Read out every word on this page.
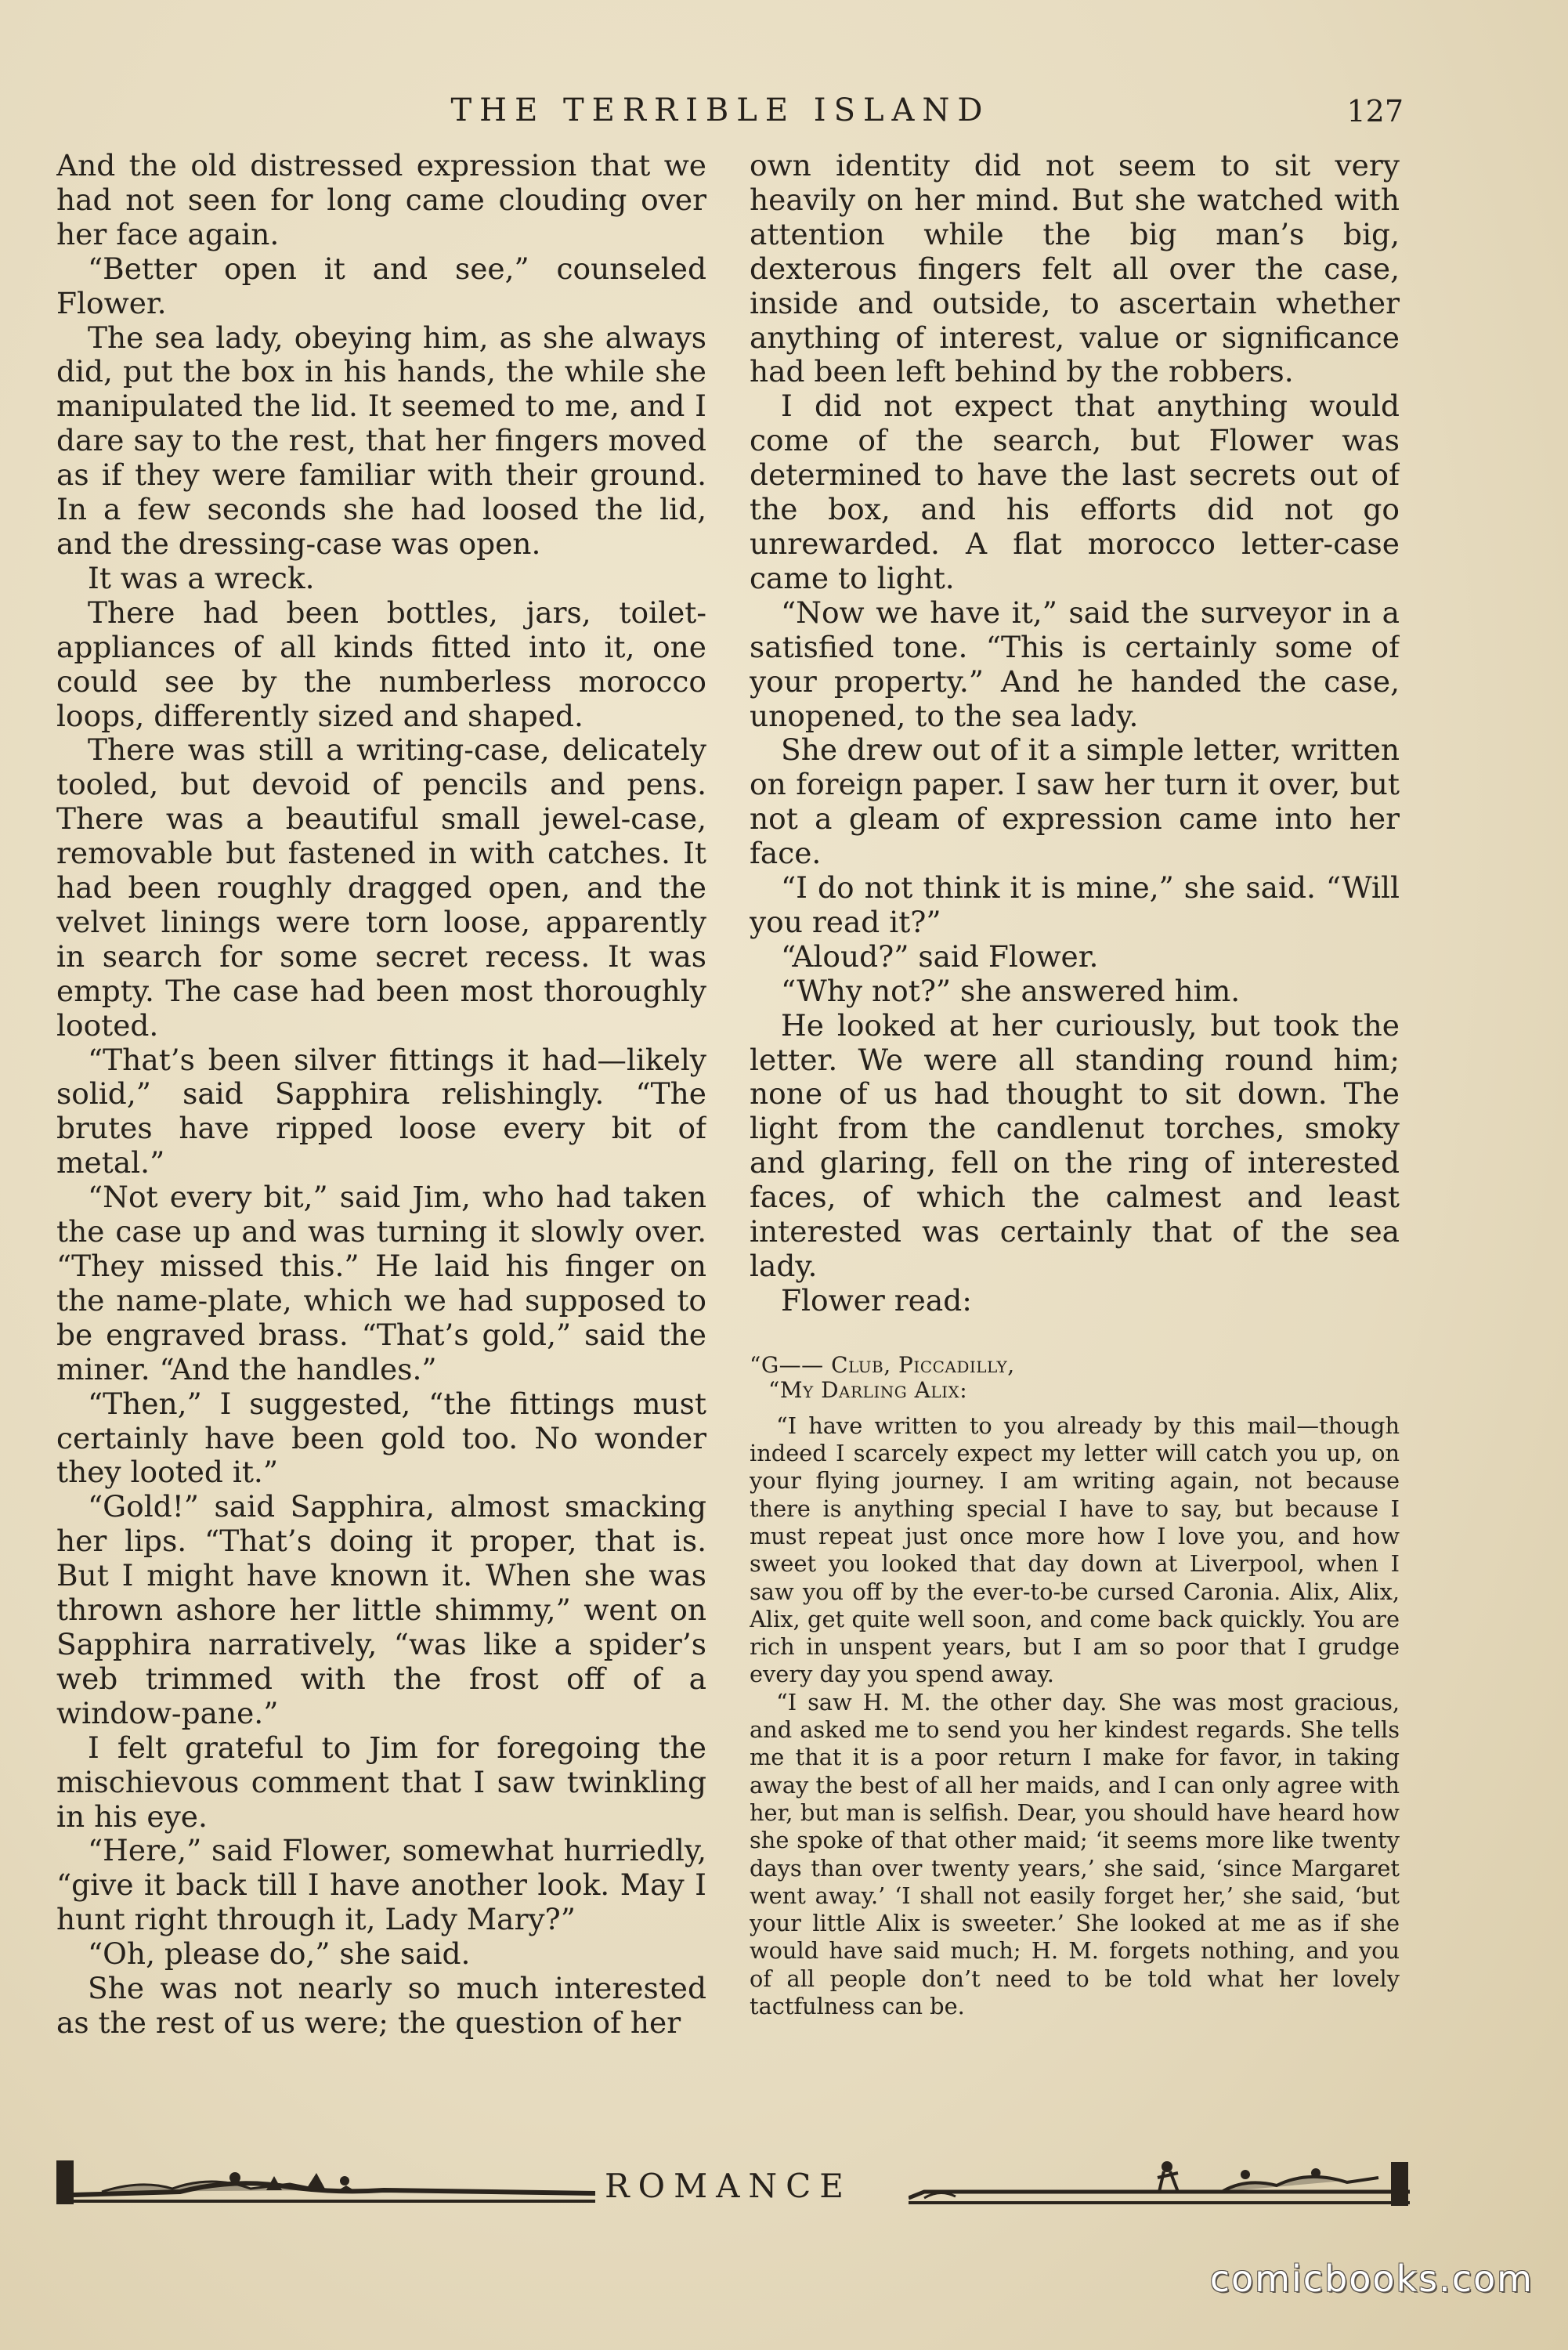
THE TERRIBLE ISLAND	127

And the old distressed expression that we had not seen for long came clouding over her face again.

“Better open it and see,” counseled Flower.

The sea lady, obeying him, as she always did, put the box in his hands, the while she manipulated the lid. It seemed to me, and I dare say to the rest, that her fingers moved as if they were familiar with their ground. In a few seconds she had loosed the lid, and the dressing-case was open.

It was a wreck.

There had been bottles, jars, toilet-appliances of all kinds fitted into it, one could see by the numberless morocco loops, differently sized and shaped.

There was still a writing-case, delicately tooled, but devoid of pencils and pens. There was a beautiful small jewel-case, removable but fastened in with catches. It had been roughly dragged open, and the velvet linings were torn loose, apparently in search for some secret recess. It was empty. The case had been most thoroughly looted.

“That’s been silver fittings it had—likely solid,” said Sapphira relishingly. “The brutes have ripped loose every bit of metal.”

“Not every bit,” said Jim, who had taken the case up and was turning it slowly over. “They missed this.” He laid his finger on the name-plate, which we had supposed to be engraved brass. “That’s gold,” said the miner. “And the handles.”

“Then,” I suggested, “the fittings must certainly have been gold too. No wonder they looted it.”

“Gold!” said Sapphira, almost smacking her lips. “That’s doing it proper, that is. But I might have known it. When she was thrown ashore her little shimmy,” went on Sapphira narratively, “was like a spider’s web trimmed with the frost off of a window-pane.”

I felt grateful to Jim for foregoing the mischievous comment that I saw twinkling in his eye.

“Here,” said Flower, somewhat hurriedly, “give it back till I have another look. May I hunt right through it, Lady Mary?”

“Oh, please do,” she said.

She was not nearly so much interested as the rest of us were; the question of her

own identity did not seem to sit very heavily on her mind. But she watched with attention while the big man’s big, dexterous fingers felt all over the case, inside and outside, to ascertain whether anything of interest, value or significance had been left behind by the robbers.

I did not expect that anything would come of the search, but Flower was determined to have the last secrets out of the box, and his efforts did not go unrewarded. A flat morocco letter-case came to light.

“Now we have it,” said the surveyor in a satisfied tone. “This is certainly some of your property.” And he handed the case, unopened, to the sea lady.

She drew out of it a simple letter, written on foreign paper. I saw her turn it over, but not a gleam of expression came into her face.

“I do not think it is mine,” she said. “Will you read it?”

“Aloud?” said Flower.

“Why not?” she answered him.

He looked at her curiously, but took the letter. We were all standing round him; none of us had thought to sit down. The light from the candlenut torches, smoky and glaring, fell on the ring of interested faces, of which the calmest and least interested was certainly that of the sea lady.

Flower read:

“G—— Club, Piccadilly,

“My Darling Alix:

“I have written to you already by this mail—though indeed I scarcely expect my letter will catch you up, on your flying journey. I am writing again, not because there is anything special I have to say, but because I must repeat just once more how I love you, and how sweet you looked that day down at Liverpool, when I saw you off by the ever-to-be cursed Caronia. Alix, Alix, Alix, get quite well soon, and come back quickly. You are rich in unspent years, but I am so poor that I grudge every day you spend away.

“I saw H. M. the other day. She was most gracious, and asked me to send you her kindest regards. She tells me that it is a poor return I make for favor, in taking away the best of all her maids, and I can only agree with her, but man is selfish. Dear, you should have heard how she spoke of that other maid; ‘it seems more like twenty days than over twenty years,’ she said, ‘since Margaret went away.’ ‘I shall not easily forget her,’ she said, ‘but your little Alix is sweeter.’ She looked at me as if she would have said much; H. M. forgets nothing, and you of all people don’t need to be told what her lovely tactfulness can be.

ROMANCE
comicbooks.com
